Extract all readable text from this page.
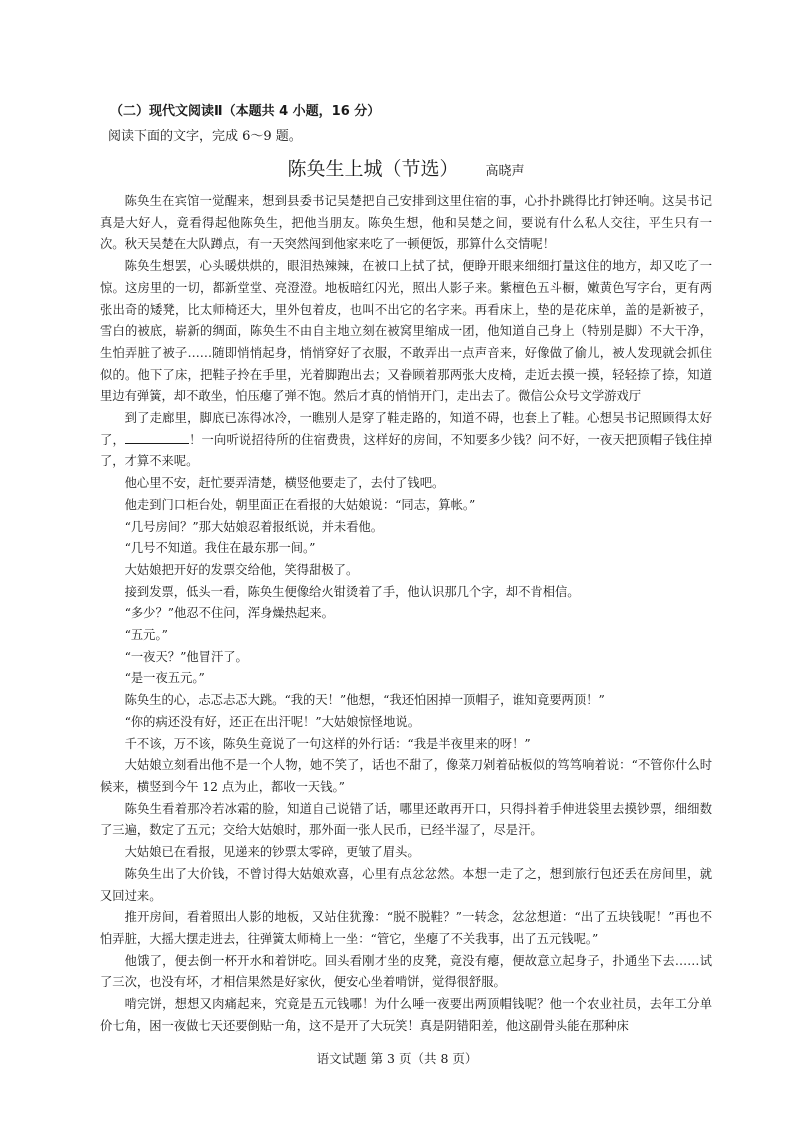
（二）现代文阅读Ⅱ（本题共 4 小题，16 分）

阅读下面的文字，完成 6～9 题。

陈奂生上城（节选） 高晓声

陈奂生在宾馆一觉醒来，想到县委书记吴楚把自己安排到这里住宿的事，心扑扑跳得比打钟还响。这吴书记真是大好人，竟看得起他陈奂生，把他当朋友。陈奂生想，他和吴楚之间，要说有什么私人交往，平生只有一次。秋天吴楚在大队蹲点，有一天突然闯到他家来吃了一顿便饭，那算什么交情呢！

陈奂生想罢，心头暖烘烘的，眼泪热辣辣，在被口上拭了拭，便睁开眼来细细打量这住的地方，却又吃了一惊。这房里的一切，都新堂堂、亮澄澄。地板暗红闪光，照出人影子来。紫檀色五斗橱，嫩黄色写字台，更有两张出奇的矮凳，比太师椅还大，里外包着皮，也叫不出它的名字来。再看床上，垫的是花床单，盖的是新被子，雪白的被底，崭新的绸面，陈奂生不由自主地立刻在被窝里缩成一团，他知道自己身上（特别是脚）不大干净，生怕弄脏了被子……随即悄悄起身，悄悄穿好了衣服，不敢弄出一点声音来，好像做了偷儿，被人发现就会抓住似的。他下了床，把鞋子拎在手里，光着脚跑出去；又眷顾着那两张大皮椅，走近去摸一摸，轻轻捺了捺，知道里边有弹簧，却不敢坐，怕压瘪了弹不饱。然后才真的悄悄开门，走出去了。微信公众号文学游戏厅

到了走廊里，脚底已冻得冰冷，一瞧别人是穿了鞋走路的，知道不碍，也套上了鞋。心想吴书记照顾得太好了，	！一向听说招待所的住宿费贵，这样好的房间，不知要多少钱？问不好，一夜天把顶帽子钱住掉了，才算不来呢。

他心里不安，赶忙要弄清楚，横竖他要走了，去付了钱吧。

他走到门口柜台处，朝里面正在看报的大姑娘说：“同志，算帐。”

“几号房间？”那大姑娘忍着报纸说，并未看他。

“几号不知道。我住在最东那一间。”

大姑娘把开好的发票交给他，笑得甜极了。

接到发票，低头一看，陈奂生便像给火钳烫着了手，他认识那几个字，却不肯相信。

“多少？”他忍不住问，浑身燥热起来。

“五元。”

“一夜天？”他冒汗了。

“是一夜五元。”

陈奂生的心，忐忑忐忑大跳。“我的天！”他想，“我还怕困掉一顶帽子，谁知竟要两顶！”

“你的病还没有好，还正在出汗呢！”大姑娘惊怪地说。

千不该，万不该，陈奂生竟说了一句这样的外行话：“我是半夜里来的呀！”

大姑娘立刻看出他不是一个人物，她不笑了，话也不甜了，像菜刀剁着砧板似的笃笃响着说：“不管你什么时候来，横竖到今午 12 点为止，都收一天钱。”

陈奂生看着那冷若冰霜的脸，知道自己说错了话，哪里还敢再开口，只得抖着手伸进袋里去摸钞票，细细数了三遍，数定了五元；交给大姑娘时，那外面一张人民币，已经半湿了，尽是汗。

大姑娘已在看报，见递来的钞票太零碎，更皱了眉头。

陈奂生出了大价钱，不曾讨得大姑娘欢喜，心里有点忿忿然。本想一走了之，想到旅行包还丢在房间里，就又回过来。

推开房间，看着照出人影的地板，又站住犹豫：“脱不脱鞋？”一转念，忿忿想道：“出了五块钱呢！”再也不怕弄脏，大摇大摆走进去，往弹簧太师椅上一坐：“管它，坐瘪了不关我事，出了五元钱呢。”

他饿了，便去倒一杯开水和着饼吃。回头看刚才坐的皮凳，竟没有瘪，便故意立起身子，扑通坐下去……试了三次，也没有坏，才相信果然是好家伙，便安心坐着啃饼，觉得很舒服。

啃完饼，想想又肉痛起来，究竟是五元钱哪！为什么唾一夜要出两顶帽钱呢？他一个农业社员，去年工分单价七角，困一夜做七天还要倒贴一角，这不是开了大玩笑！真是阴错阳差，他这副骨头能在那种床

语文试题 第 3 页（共 8 页）
